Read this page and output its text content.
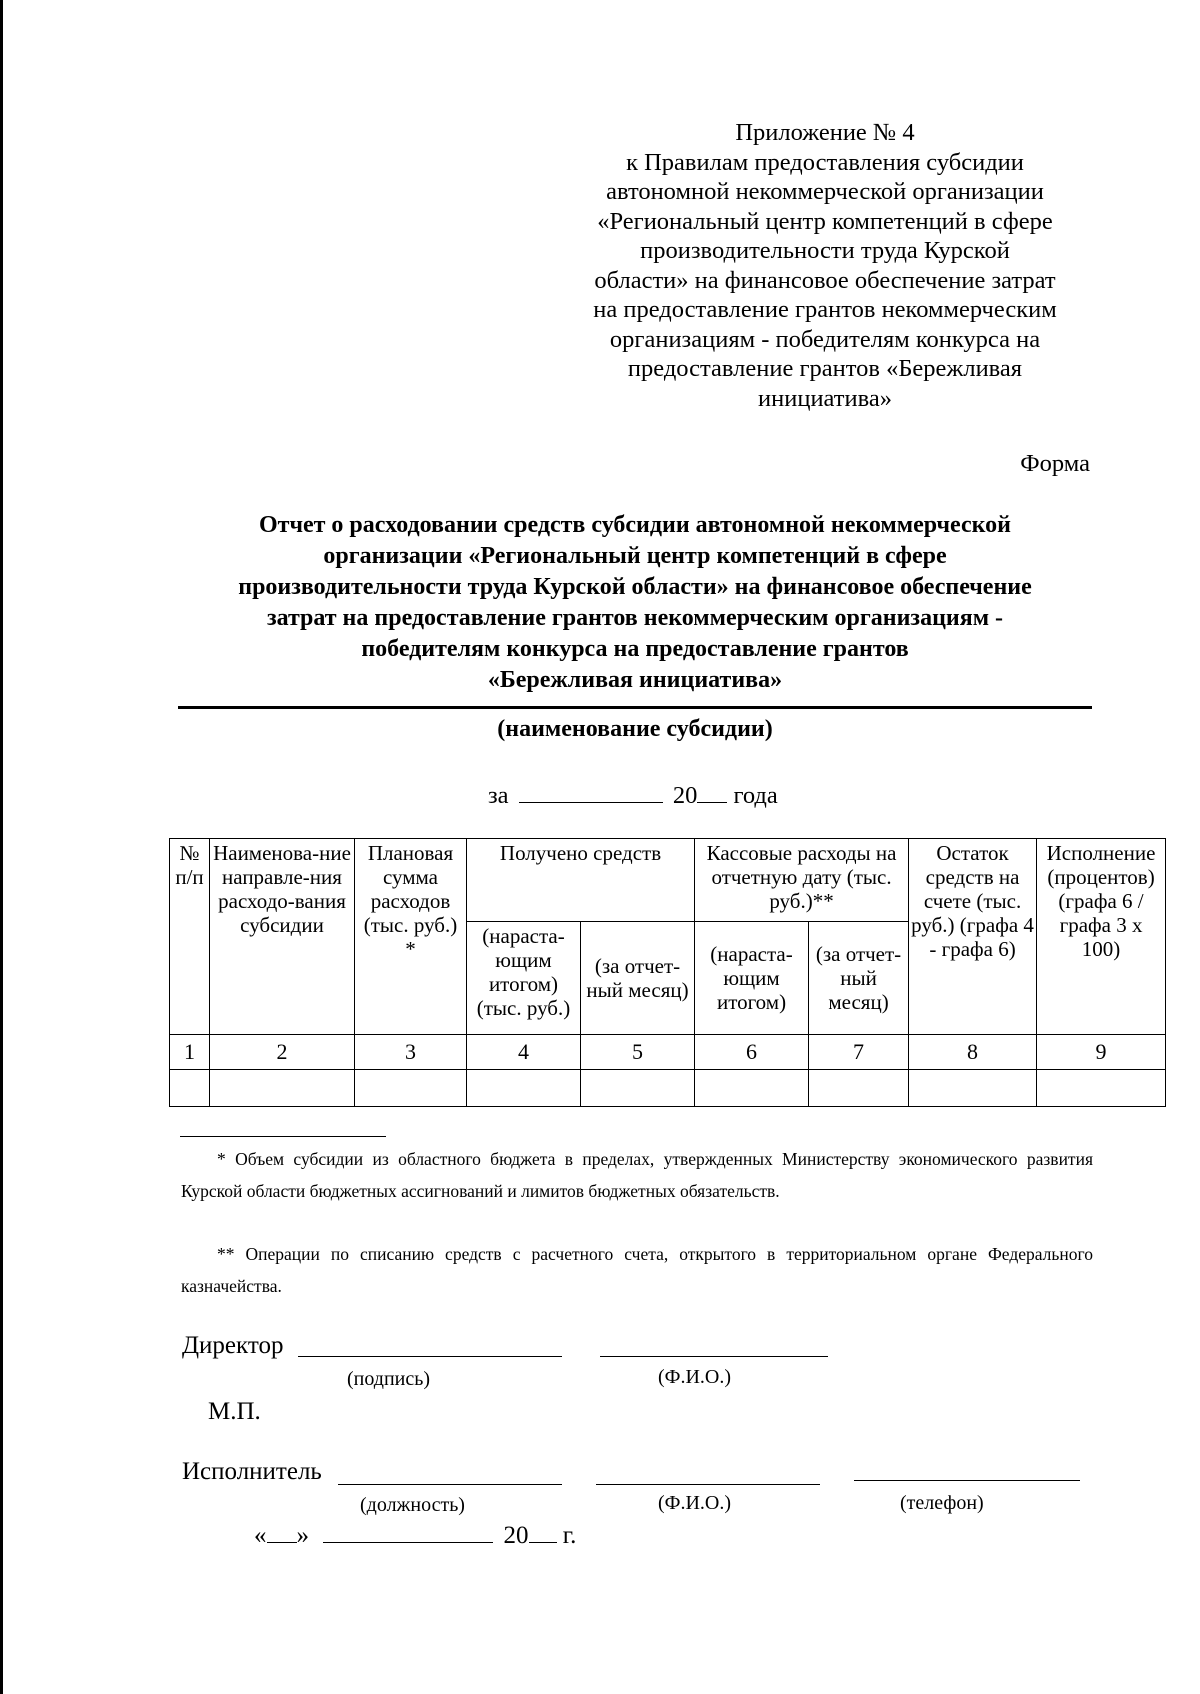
Приложение № 4
к Правилам предоставления субсидии
автономной некоммерческой организации
«Региональный центр компетенций в сфере
производительности труда Курской
области» на финансовое обеспечение затрат
на предоставление грантов некоммерческим
организациям - победителям конкурса на
предоставление грантов «Бережливая
инициатива»
Форма
Отчет о расходовании средств субсидии автономной некоммерческой
организации «Региональный центр компетенций в сфере
производительности труда Курской области» на финансовое обеспечение
затрат на предоставление грантов некоммерческим организациям -
победителям конкурса на предоставление грантов
«Бережливая инициатива»
(наименование субсидии)
за	20 года
№ п/п	Наименова-ние направле-ния расходо-вания субсидии	Плановая сумма расходов (тыс. руб.) *	Получено средств		Кассовые расходы на отчетную дату (тыс. руб.)**		Остаток средств на счете (тыс. руб.) (графа 4 - графа 6)	Исполнение (процентов) (графа 6 / графа 3 х 100)
			(нараста-ющим итогом) (тыс. руб.)	(за отчет-ный месяц)	(нараста-ющим итогом)	(за отчет-ный месяц)		
1	2	3	4	5	6	7	8	9

* Объем субсидии из областного бюджета в пределах, утвержденных Министерству экономического развития Курской области бюджетных ассигнований и лимитов бюджетных обязательств.
** Операции по списанию средств с расчетного счета, открытого в территориальном органе Федерального казначейства.
Директор
(подпись)	(Ф.И.О.)
М.П.
Исполнитель
(должность)	(Ф.И.О.)	(телефон)
« »	20 г.
